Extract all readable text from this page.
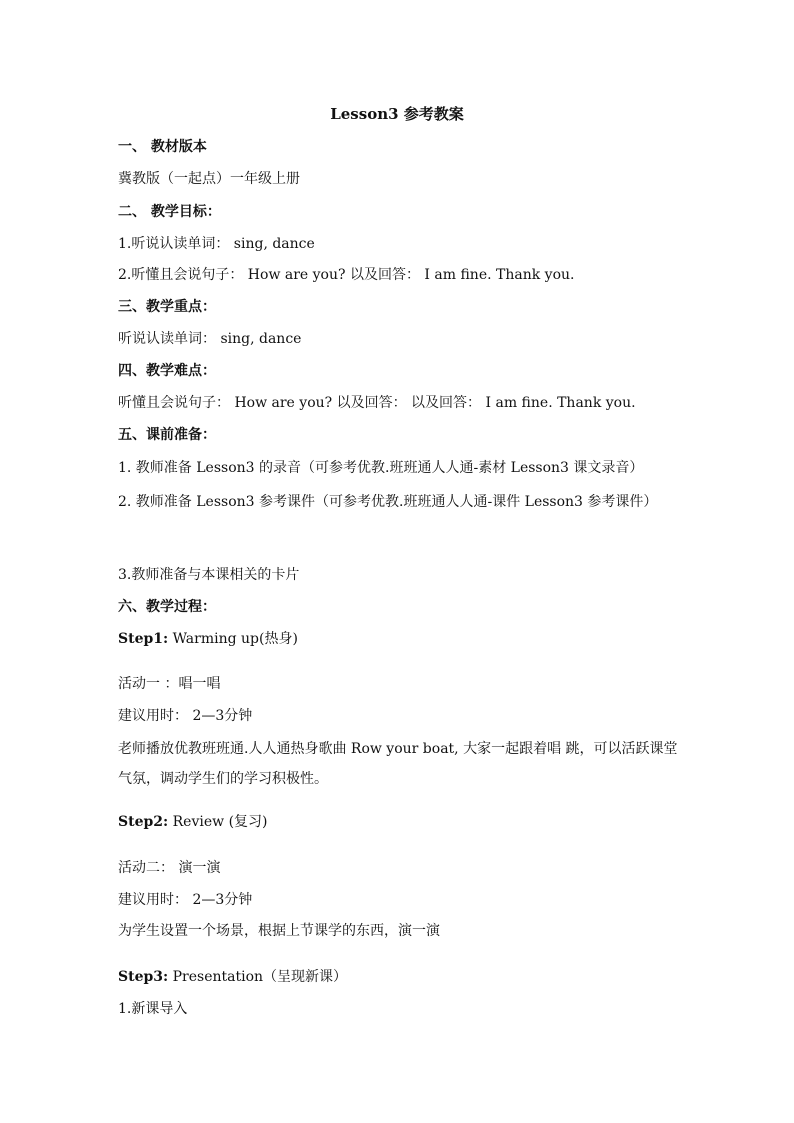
Lesson3 参考教案
一、 教材版本
冀教版（一起点）一年级上册
二、 教学目标：
1.听说认读单词： sing, dance
2.听懂且会说句子： How are you? 以及回答： I am fine. Thank you.
三、教学重点：
听说认读单词： sing, dance
四、教学难点：
听懂且会说句子： How are you? 以及回答： 以及回答： I am fine. Thank you.
五、课前准备：
1. 教师准备 Lesson3 的录音（可参考优教.班班通人人通-素材 Lesson3 课文录音）
2. 教师准备 Lesson3 参考课件（可参考优教.班班通人人通-课件 Lesson3 参考课件）
3.教师准备与本课相关的卡片
六、教学过程：
Step1: Warming up(热身)
活动一 ：唱一唱
建议用时： 2—3分钟
老师播放优教班班通.人人通热身歌曲 Row your boat, 大家一起跟着唱 跳，可以活跃课堂气氛，调动学生们的学习积极性。
Step2: Review (复习)
活动二： 演一演
建议用时： 2—3分钟
为学生设置一个场景，根据上节课学的东西，演一演
Step3: Presentation（呈现新课）
1.新课导入
